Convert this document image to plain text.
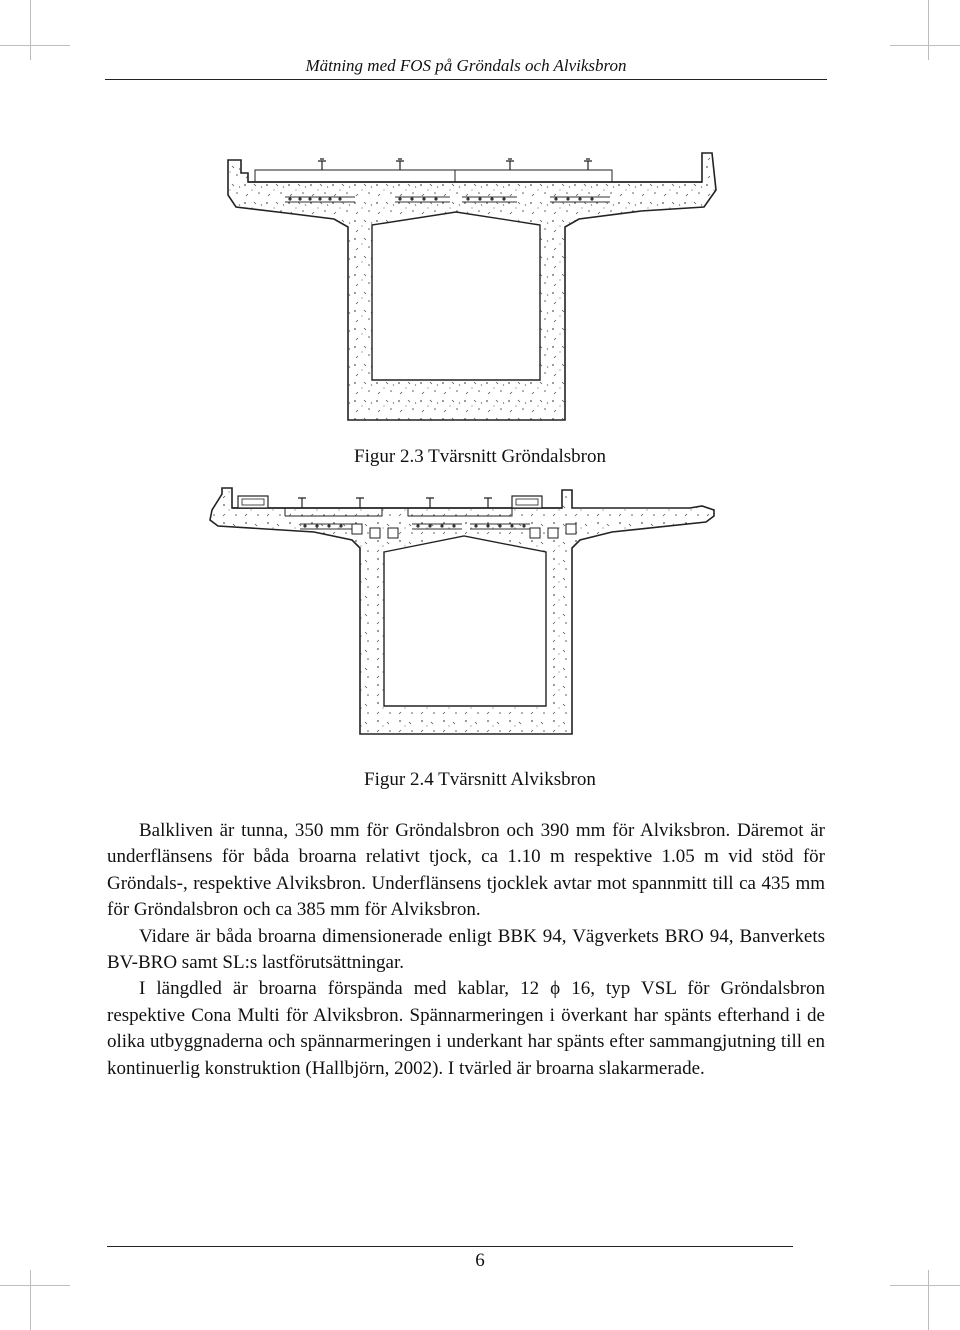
Mätning med FOS på Gröndals och Alviksbron
Figur 2.3 Tvärsnitt Gröndalsbron
Figur 2.4 Tvärsnitt Alviksbron

Balkliven är tunna, 350 mm för Gröndalsbron och 390 mm för Alviksbron. Däremot är underflänsens för båda broarna relativt tjock, ca 1.10 m respektive 1.05 m vid stöd för Gröndals-, respektive Alviksbron. Underflänsens tjocklek avtar mot spannmitt till ca 435 mm för Gröndalsbron och ca 385 mm för Alviksbron.

Vidare är båda broarna dimensionerade enligt BBK 94, Vägverkets BRO 94, Banverkets BV-BRO samt SL:s lastförutsättningar.

I längdled är broarna förspända med kablar, 12 ϕ 16, typ VSL för Gröndalsbron respektive Cona Multi för Alviksbron. Spännarmeringen i överkant har spänts efterhand i de olika utbyggnaderna och spännarmeringen i underkant har spänts efter sammangjutning till en kontinuerlig konstruktion (Hallbjörn, 2002). I tvärled är broarna slakarmerade.

6
